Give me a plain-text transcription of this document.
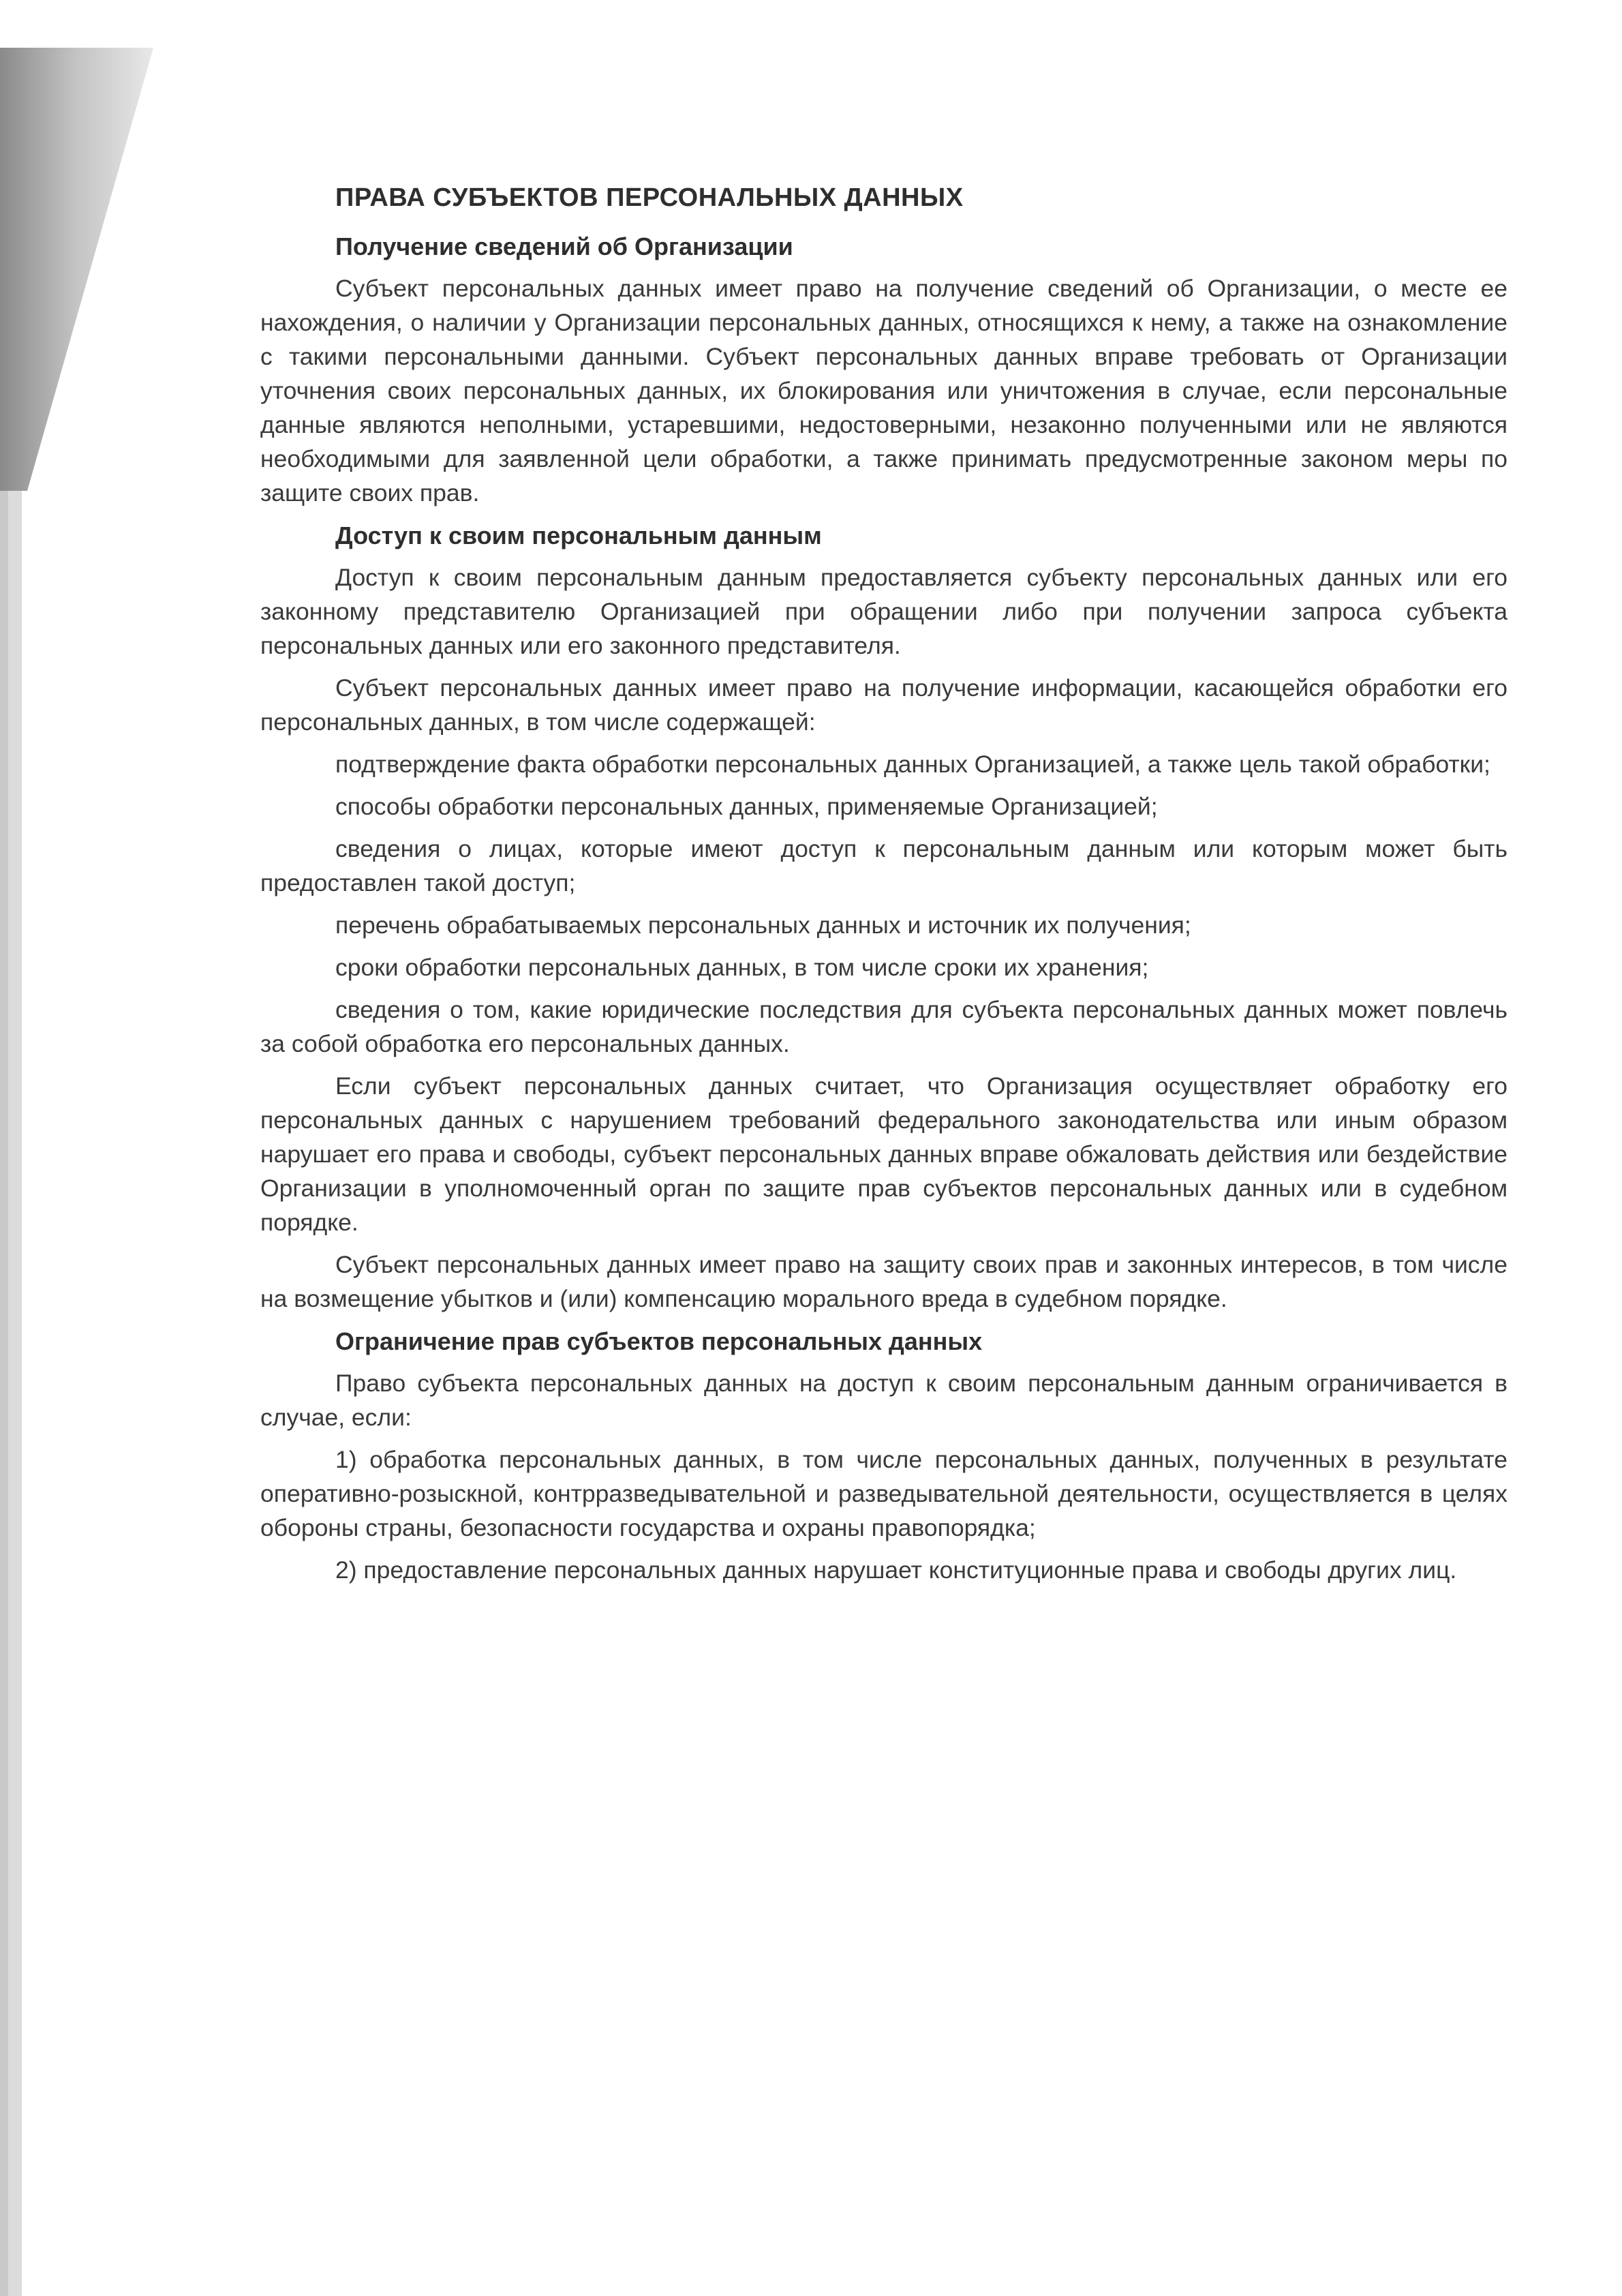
ПРАВА СУБЪЕКТОВ ПЕРСОНАЛЬНЫХ ДАННЫХ
Получение сведений об Организации

Субъект персональных данных имеет право на получение сведений об Организации, о месте ее нахождения, о наличии у Организации персональных данных, относящихся к нему, а также на ознакомление с такими персональными данными. Субъект персональных данных вправе требовать от Организации уточнения своих персональных данных, их блокирования или уничтожения в случае, если персональные данные являются неполными, устаревшими, недостоверными, незаконно полученными или не являются необходимыми для заявленной цели обработки, а также принимать предусмотренные законом меры по защите своих прав.

Доступ к своим персональным данным

Доступ к своим персональным данным предоставляется субъекту персональных данных или его законному представителю Организацией при обращении либо при получении запроса субъекта персональных данных или его законного представителя.

Субъект персональных данных имеет право на получение информации, касающейся обработки его персональных данных, в том числе содержащей:

подтверждение факта обработки персональных данных Организацией, а также цель такой обработки;

способы обработки персональных данных, применяемые Организацией;

сведения о лицах, которые имеют доступ к персональным данным или которым может быть предоставлен такой доступ;

перечень обрабатываемых персональных данных и источник их получения;

сроки обработки персональных данных, в том числе сроки их хранения;

сведения о том, какие юридические последствия для субъекта персональных данных может повлечь за собой обработка его персональных данных.

Если субъект персональных данных считает, что Организация осуществляет обработку его персональных данных с нарушением требований федерального законодательства или иным образом нарушает его права и свободы, субъект персональных данных вправе обжаловать действия или бездействие Организации в уполномоченный орган по защите прав субъектов персональных данных или в судебном порядке.

Субъект персональных данных имеет право на защиту своих прав и законных интересов, в том числе на возмещение убытков и (или) компенсацию морального вреда в судебном порядке.

Ограничение прав субъектов персональных данных

Право субъекта персональных данных на доступ к своим персональным данным ограничивается в случае, если:

1) обработка персональных данных, в том числе персональных данных, полученных в результате оперативно-розыскной, контрразведывательной и разведывательной деятельности, осуществляется в целях обороны страны, безопасности государства и охраны правопорядка;

2) предоставление персональных данных нарушает конституционные права и свободы других лиц.
